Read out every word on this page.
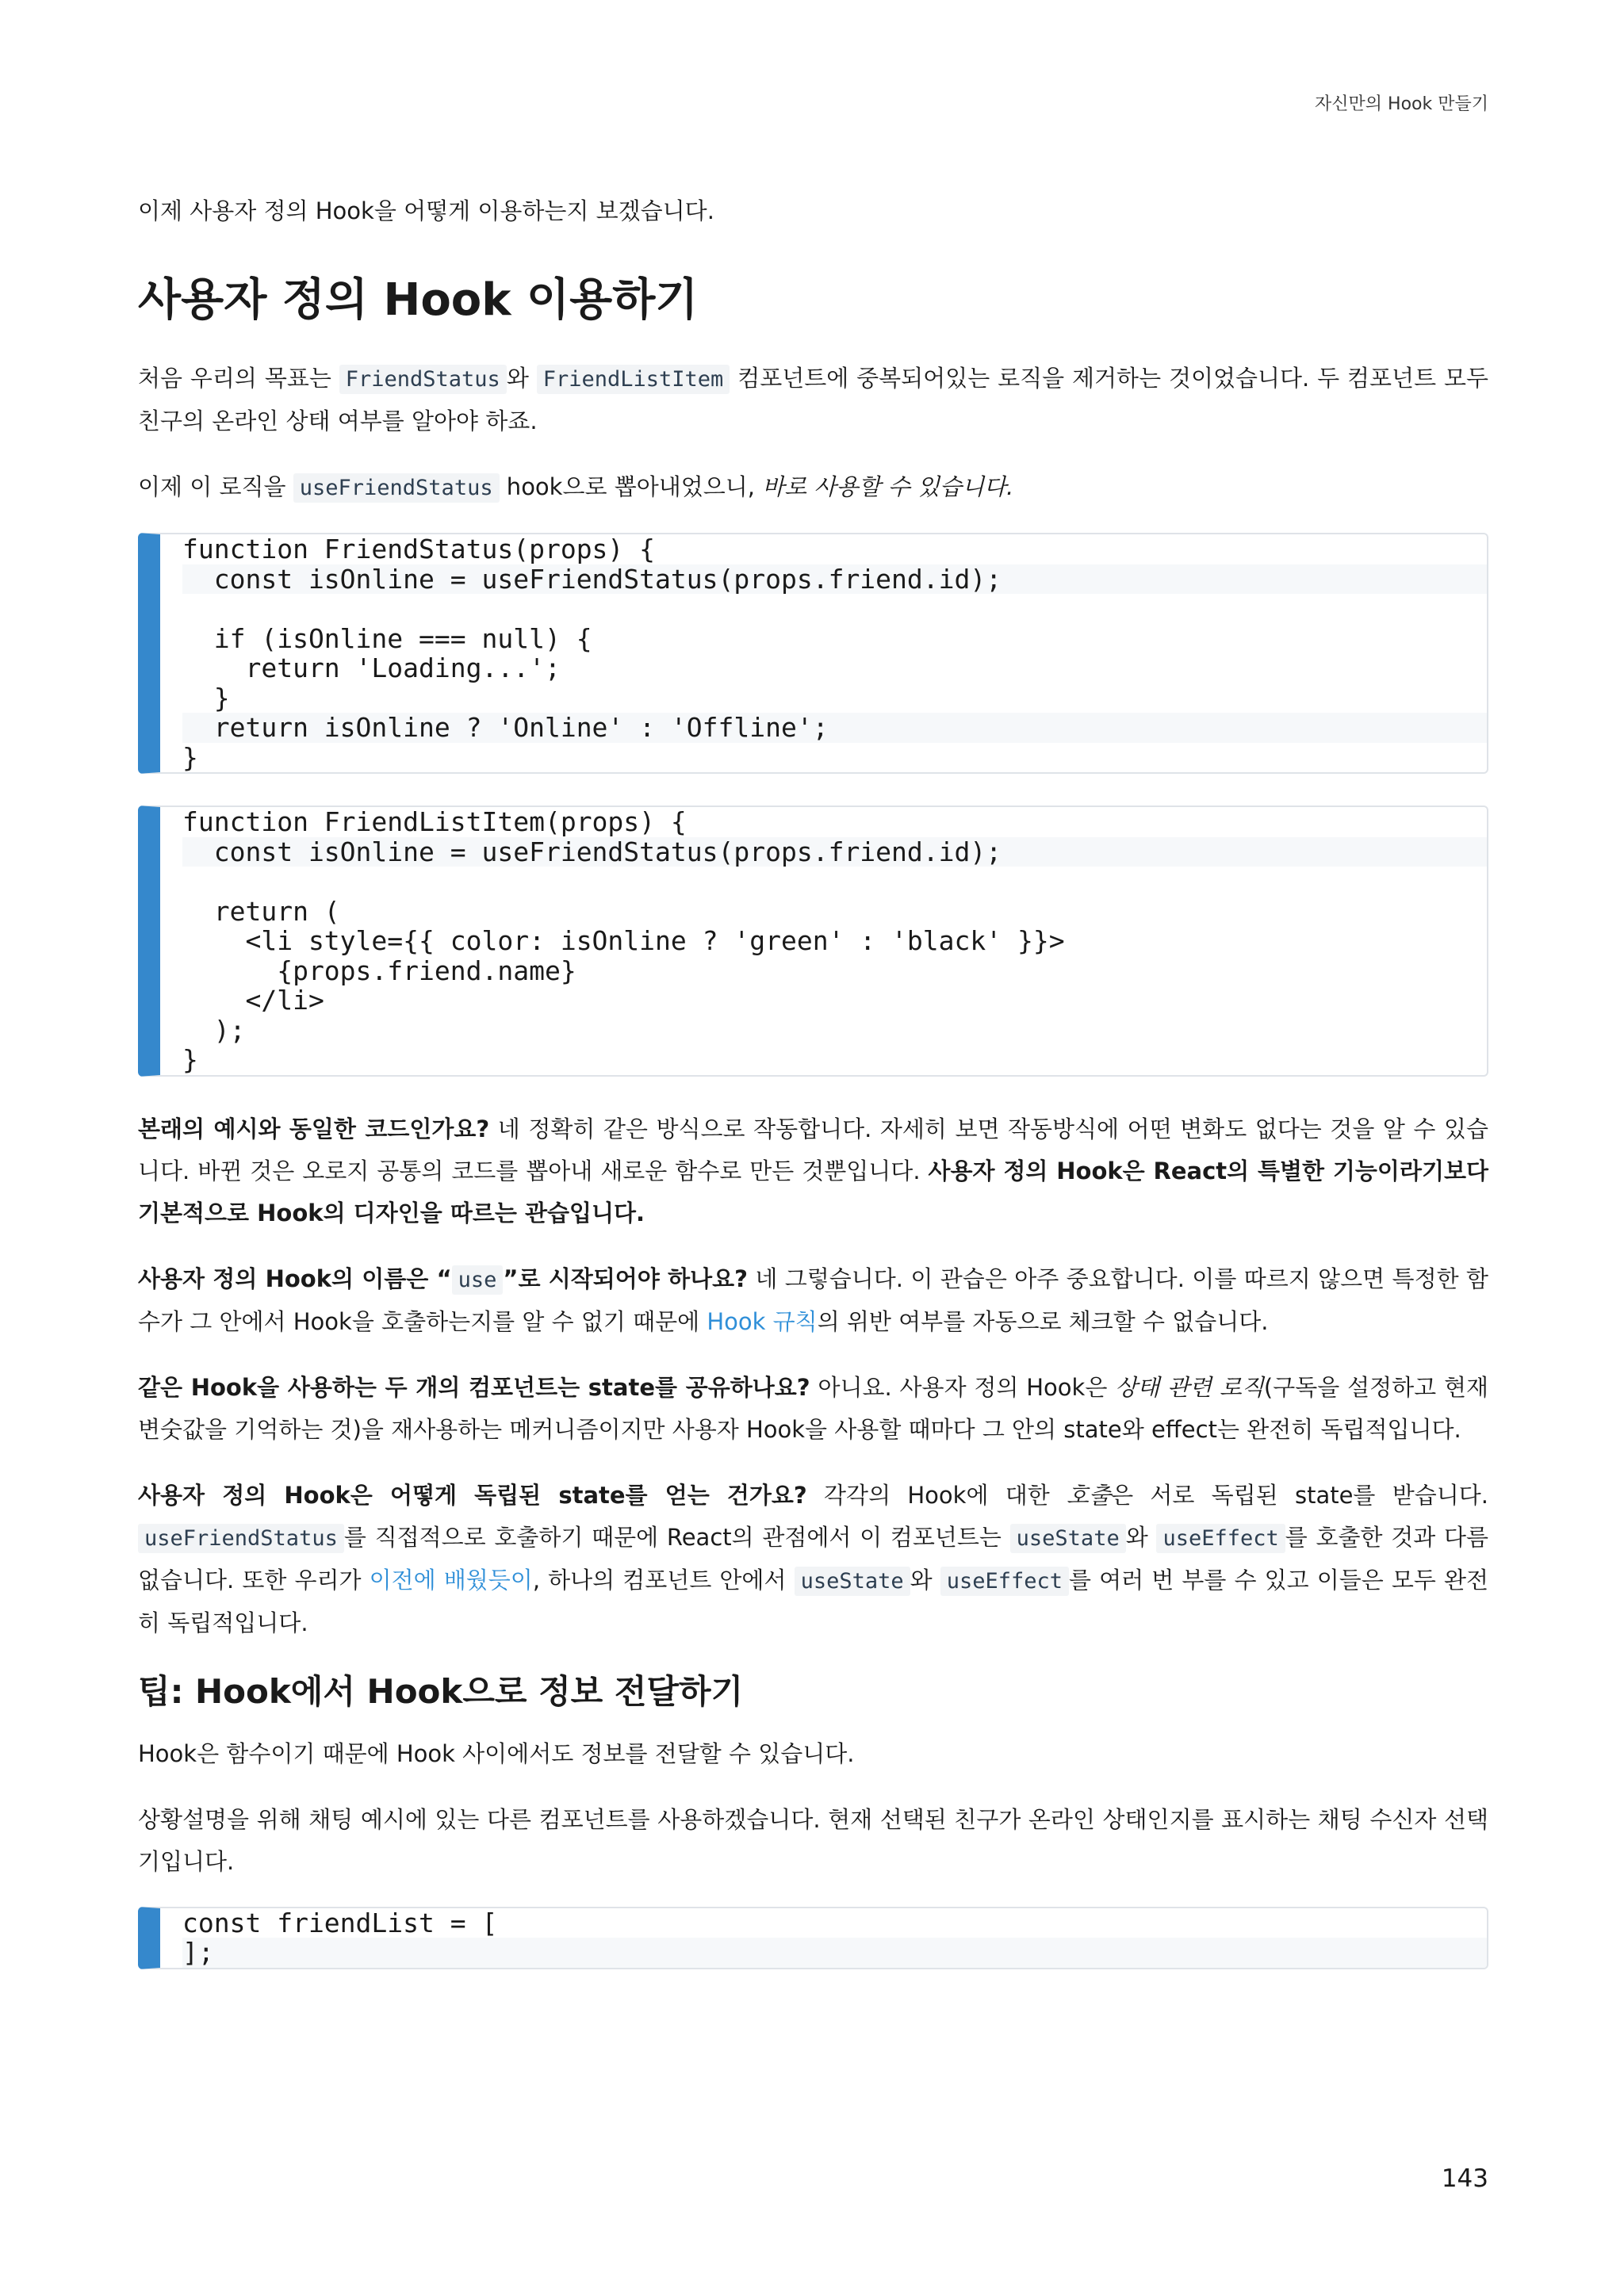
자신만의 Hook 만들기

이제 사용자 정의 Hook을 어떻게 이용하는지 보겠습니다.

사용자 정의 Hook 이용하기

처음 우리의 목표는 FriendStatus 와 FriendListItem 컴포넌트에 중복되어있는 로직을 제거하는 것이었습니다. 두 컴포넌트 모두 친구의 온라인 상태 여부를 알아야 하죠.

이제 이 로직을 useFriendStatus hook으로 뽑아내었으니, 바로 사용할 수 있습니다.

function FriendStatus(props) {
const isOnline = useFriendStatus(props.friend.id);

if (isOnline === null) {
return 'Loading...';
}
return isOnline ? 'Online' : 'Offline';
}
function FriendListItem(props) {
const isOnline = useFriendStatus(props.friend.id);

return (
<li style={{ color: isOnline ? 'green' : 'black' }}>
{props.friend.name}
</li>
);
}

본래의 예시와 동일한 코드인가요? 네 정확히 같은 방식으로 작동합니다. 자세히 보면 작동방식에 어떤 변화도 없다는 것을 알 수 있습니다. 바뀐 것은 오로지 공통의 코드를 뽑아내 새로운 함수로 만든 것뿐입니다. 사용자 정의 Hook은 React의 특별한 기능이라기보다 기본적으로 Hook의 디자인을 따르는 관습입니다.

사용자 정의 Hook의 이름은 “ use ”로 시작되어야 하나요? 네 그렇습니다. 이 관습은 아주 중요합니다. 이를 따르지 않으면 특정한 함수가 그 안에서 Hook을 호출하는지를 알 수 없기 때문에 Hook 규칙의 위반 여부를 자동으로 체크할 수 없습니다.

같은 Hook을 사용하는 두 개의 컴포넌트는 state를 공유하나요? 아니요. 사용자 정의 Hook은 상태 관련 로직(구독을 설정하고 현재 변숫값을 기억하는 것)을 재사용하는 메커니즘이지만 사용자 Hook을 사용할 때마다 그 안의 state와 effect는 완전히 독립적입니다.

사용자 정의 Hook은 어떻게 독립된 state를 얻는 건가요? 각각의 Hook에 대한 호출은 서로 독립된 state를 받습니다. useFriendStatus 를 직접적으로 호출하기 때문에 React의 관점에서 이 컴포넌트는 useState 와 useEffect 를 호출한 것과 다름없습니다. 또한 우리가 이전에 배웠듯이, 하나의 컴포넌트 안에서 useState 와 useEffect 를 여러 번 부를 수 있고 이들은 모두 완전히 독립적입니다.

팁: Hook에서 Hook으로 정보 전달하기

Hook은 함수이기 때문에 Hook 사이에서도 정보를 전달할 수 있습니다.

상황설명을 위해 채팅 예시에 있는 다른 컴포넌트를 사용하겠습니다. 현재 선택된 친구가 온라인 상태인지를 표시하는 채팅 수신자 선택기입니다.

const friendList = [
];
143
